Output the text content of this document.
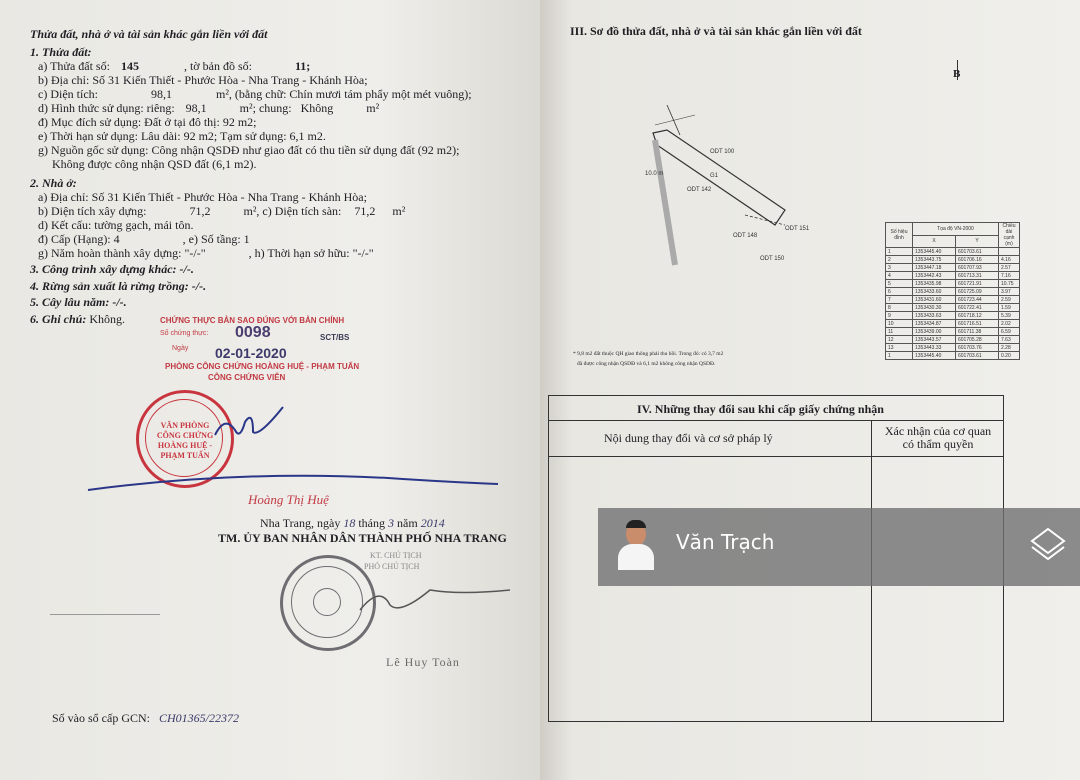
Thửa đất, nhà ở và tài sản khác gắn liền với đất
1. Thửa đất:
a) Thửa đất số: 145	, tờ bản đồ số:	11;
b) Địa chỉ: Số 31 Kiến Thiết - Phước Hòa - Nha Trang - Khánh Hòa;
c) Diện tích:	98,1	m², (bằng chữ: Chín mươi tám phẩy một mét vuông);
d) Hình thức sử dụng: riêng: 98,1	m²; chung: Không	m²
đ) Mục đích sử dụng: Đất ở tại đô thị: 92 m2;
e) Thời hạn sử dụng: Lâu dài: 92 m2; Tạm sử dụng: 6,1 m2.
g) Nguồn gốc sử dụng: Công nhận QSDĐ như giao đất có thu tiền sử dụng đất (92 m2);
Không được công nhận QSD đất (6,1 m2).
2. Nhà ở:
a) Địa chỉ: Số 31 Kiến Thiết - Phước Hòa - Nha Trang - Khánh Hòa;
b) Diện tích xây dựng:	71,2	m², c) Diện tích sàn: 71,2 m²
d) Kết cấu: tường gạch, mái tôn.
đ) Cấp (Hạng): 4	, e) Số tầng: 1
g) Năm hoàn thành xây dựng: "-/-"	, h) Thời hạn sở hữu: "-/-"
3. Công trình xây dựng khác: -/-.
4. Rừng sản xuất là rừng trồng: -/-.
5. Cây lâu năm: -/-.
6. Ghi chú: Không.	CHỨNG THỰC BẢN SAO ĐÚNG VỚI BẢN CHÍNH
Số chứng thực: 0098	SCT/BS
Ngày 02-01-2020
PHÒNG CÔNG CHỨNG HOÀNG HUỆ - PHẠM TUẤN
CÔNG CHỨNG VIÊN
VĂN PHÒNG CÔNG CHỨNG HOÀNG HUỆ - PHẠM TUẤN
Hoàng Thị Huệ
Nha Trang, ngày 18 tháng 3 năm 2014
TM. ỦY BAN NHÂN DÂN THÀNH PHỐ NHA TRANG
KT. CHỦ TỊCH
PHÓ CHỦ TỊCH
Lê Huy Toàn
Số vào sổ cấp GCN: CH01365/22372
III. Sơ đồ thửa đất, nhà ở và tài sản khác gắn liền với đất
B
ODT 100
G1
ODT 142
ODT 151
ODT 148
ODT 150
10.0 m
Số hiệu đỉnh	Tọa độ VN-2000		Chiều dài cạnh (m)
	X	Y	
1	1353445.40	601703.61	
2	1353443.75	601706.16	4.16
3	1353447.18	601707.93	2.57
4	1353442.43	601713.31	7.16
5	1353435.98	601721.91	10.75
6	1353433.60	601725.09	3.97
7	1353431.60	601723.44	2.59
8	1353430.30	601722.41	1.59
9	1353433.63	601718.12	5.39
10	1353434.87	601716.51	2.02
11	1353439.00	601711.38	6.59
12	1353443.57	601705.28	7.63
13	1353443.33	601703.76	2.28
1	1353445.40	601703.61	0.20
* 9,8 m2 đất thuộc QH giao thông phải thu hồi. Trong đó: có 3,7 m2
đã được công nhận QSDĐ và 6,1 m2 không công nhận QSDĐ.
IV. Những thay đổi sau khi cấp giấy chứng nhận
Nội dung thay đổi và cơ sở pháp lý	Xác nhận của cơ quan có thẩm quyền
Văn Trạch
